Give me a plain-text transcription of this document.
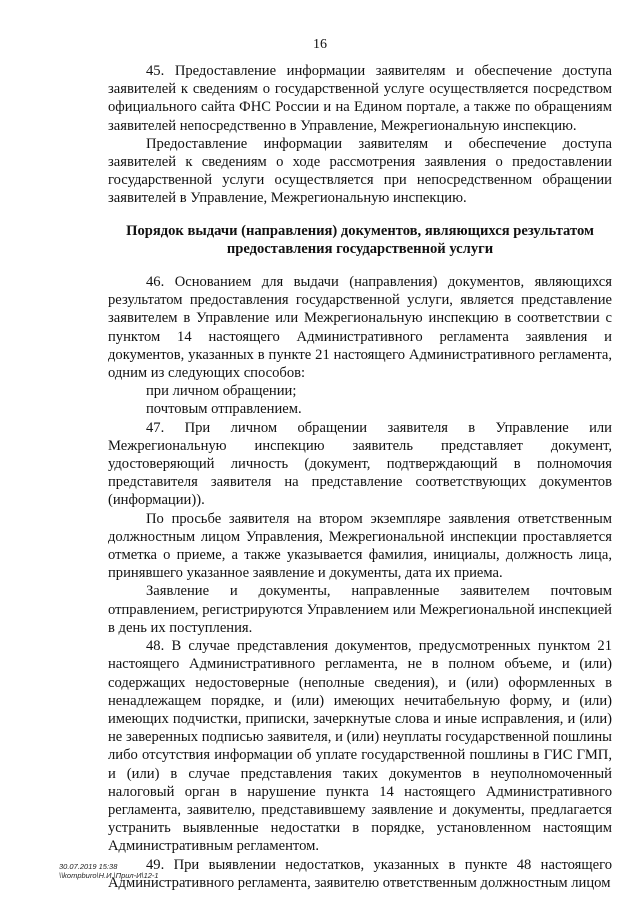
16

45. Предоставление информации заявителям и обеспечение доступа заявителей к сведениям о государственной услуге осуществляется посредством официального сайта ФНС России и на Едином портале, а также по обращениям заявителей непосредственно в Управление, Межрегиональную инспекцию.

Предоставление информации заявителям и обеспечение доступа заявителей к сведениям о ходе рассмотрения заявления о предоставлении государственной услуги осуществляется при непосредственном обращении заявителей в Управление, Межрегиональную инспекцию.

Порядок выдачи (направления) документов, являющихся результатом предоставления государственной услуги

46. Основанием для выдачи (направления) документов, являющихся результатом предоставления государственной услуги, является представление заявителем в Управление или Межрегиональную инспекцию в соответствии с пунктом 14 настоящего Административного регламента заявления и документов, указанных в пункте 21 настоящего Административного регламента, одним из следующих способов:

при личном обращении;

почтовым отправлением.

47. При личном обращении заявителя в Управление или Межрегиональную инспекцию заявитель представляет документ, удостоверяющий личность (документ, подтверждающий в полномочия представителя заявителя на представление соответствующих документов (информации)).

По просьбе заявителя на втором экземпляре заявления ответственным должностным лицом Управления, Межрегиональной инспекции проставляется отметка о приеме, а также указывается фамилия, инициалы, должность лица, принявшего указанное заявление и документы, дата их приема.

Заявление и документы, направленные заявителем почтовым отправлением, регистрируются Управлением или Межрегиональной инспекцией в день их поступления.

48. В случае представления документов, предусмотренных пунктом 21 настоящего Административного регламента, не в полном объеме, и (или) содержащих недостоверные (неполные сведения), и (или) оформленных в ненадлежащем порядке, и (или) имеющих нечитабельную форму, и (или) имеющих подчистки, приписки, зачеркнутые слова и иные исправления, и (или) не заверенных подписью заявителя, и (или) неуплаты государственной пошлины либо отсутствия информации об уплате государственной пошлины в ГИС ГМП, и (или) в случае представления таких документов в неуполномоченный налоговый орган в нарушение пункта 14 настоящего Административного регламента, заявителю, представившему заявление и документы, предлагается устранить выявленные недостатки в порядке, установленном настоящим Административным регламентом.

49. При выявлении недостатков, указанных в пункте 48 настоящего Административного регламента, заявителю ответственным должностным лицом

30.07.2019 15:38
\\kompburo\Н.И.\Прил-И\12-1
